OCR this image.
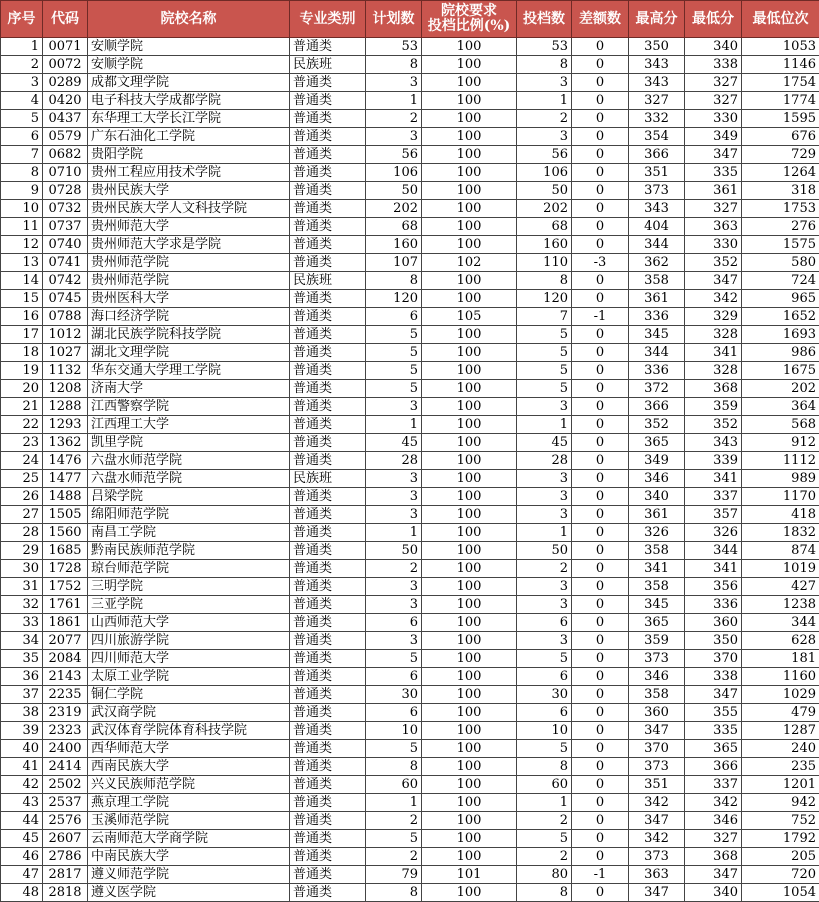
序号	代码	院校名称	专业类别	计划数	院校要求
投档比例(%)	投档数	差额数	最高分	最低分	最低位次
1	0071	安顺学院	普通类	53	100	53	0	350	340	1053
2	0072	安顺学院	民族班	8	100	8	0	343	338	1146
3	0289	成都文理学院	普通类	3	100	3	0	343	327	1754
4	0420	电子科技大学成都学院	普通类	1	100	1	0	327	327	1774
5	0437	东华理工大学长江学院	普通类	2	100	2	0	332	330	1595
6	0579	广东石油化工学院	普通类	3	100	3	0	354	349	676
7	0682	贵阳学院	普通类	56	100	56	0	366	347	729
8	0710	贵州工程应用技术学院	普通类	106	100	106	0	351	335	1264
9	0728	贵州民族大学	普通类	50	100	50	0	373	361	318
10	0732	贵州民族大学人文科技学院	普通类	202	100	202	0	343	327	1753
11	0737	贵州师范大学	普通类	68	100	68	0	404	363	276
12	0740	贵州师范大学求是学院	普通类	160	100	160	0	344	330	1575
13	0741	贵州师范学院	普通类	107	102	110	-3	362	352	580
14	0742	贵州师范学院	民族班	8	100	8	0	358	347	724
15	0745	贵州医科大学	普通类	120	100	120	0	361	342	965
16	0788	海口经济学院	普通类	6	105	7	-1	336	329	1652
17	1012	湖北民族学院科技学院	普通类	5	100	5	0	345	328	1693
18	1027	湖北文理学院	普通类	5	100	5	0	344	341	986
19	1132	华东交通大学理工学院	普通类	5	100	5	0	336	328	1675
20	1208	济南大学	普通类	5	100	5	0	372	368	202
21	1288	江西警察学院	普通类	3	100	3	0	366	359	364
22	1293	江西理工大学	普通类	1	100	1	0	352	352	568
23	1362	凯里学院	普通类	45	100	45	0	365	343	912
24	1476	六盘水师范学院	普通类	28	100	28	0	349	339	1112
25	1477	六盘水师范学院	民族班	3	100	3	0	346	341	989
26	1488	吕梁学院	普通类	3	100	3	0	340	337	1170
27	1505	绵阳师范学院	普通类	3	100	3	0	361	357	418
28	1560	南昌工学院	普通类	1	100	1	0	326	326	1832
29	1685	黔南民族师范学院	普通类	50	100	50	0	358	344	874
30	1728	琼台师范学院	普通类	2	100	2	0	341	341	1019
31	1752	三明学院	普通类	3	100	3	0	358	356	427
32	1761	三亚学院	普通类	3	100	3	0	345	336	1238
33	1861	山西师范大学	普通类	6	100	6	0	365	360	344
34	2077	四川旅游学院	普通类	3	100	3	0	359	350	628
35	2084	四川师范大学	普通类	5	100	5	0	373	370	181
36	2143	太原工业学院	普通类	6	100	6	0	346	338	1160
37	2235	铜仁学院	普通类	30	100	30	0	358	347	1029
38	2319	武汉商学院	普通类	6	100	6	0	360	355	479
39	2323	武汉体育学院体育科技学院	普通类	10	100	10	0	347	335	1287
40	2400	西华师范大学	普通类	5	100	5	0	370	365	240
41	2414	西南民族大学	普通类	8	100	8	0	373	366	235
42	2502	兴义民族师范学院	普通类	60	100	60	0	351	337	1201
43	2537	燕京理工学院	普通类	1	100	1	0	342	342	942
44	2576	玉溪师范学院	普通类	2	100	2	0	347	346	752
45	2607	云南师范大学商学院	普通类	5	100	5	0	342	327	1792
46	2786	中南民族大学	普通类	2	100	2	0	373	368	205
47	2817	遵义师范学院	普通类	79	101	80	-1	363	347	720
48	2818	遵义医学院	普通类	8	100	8	0	347	340	1054
